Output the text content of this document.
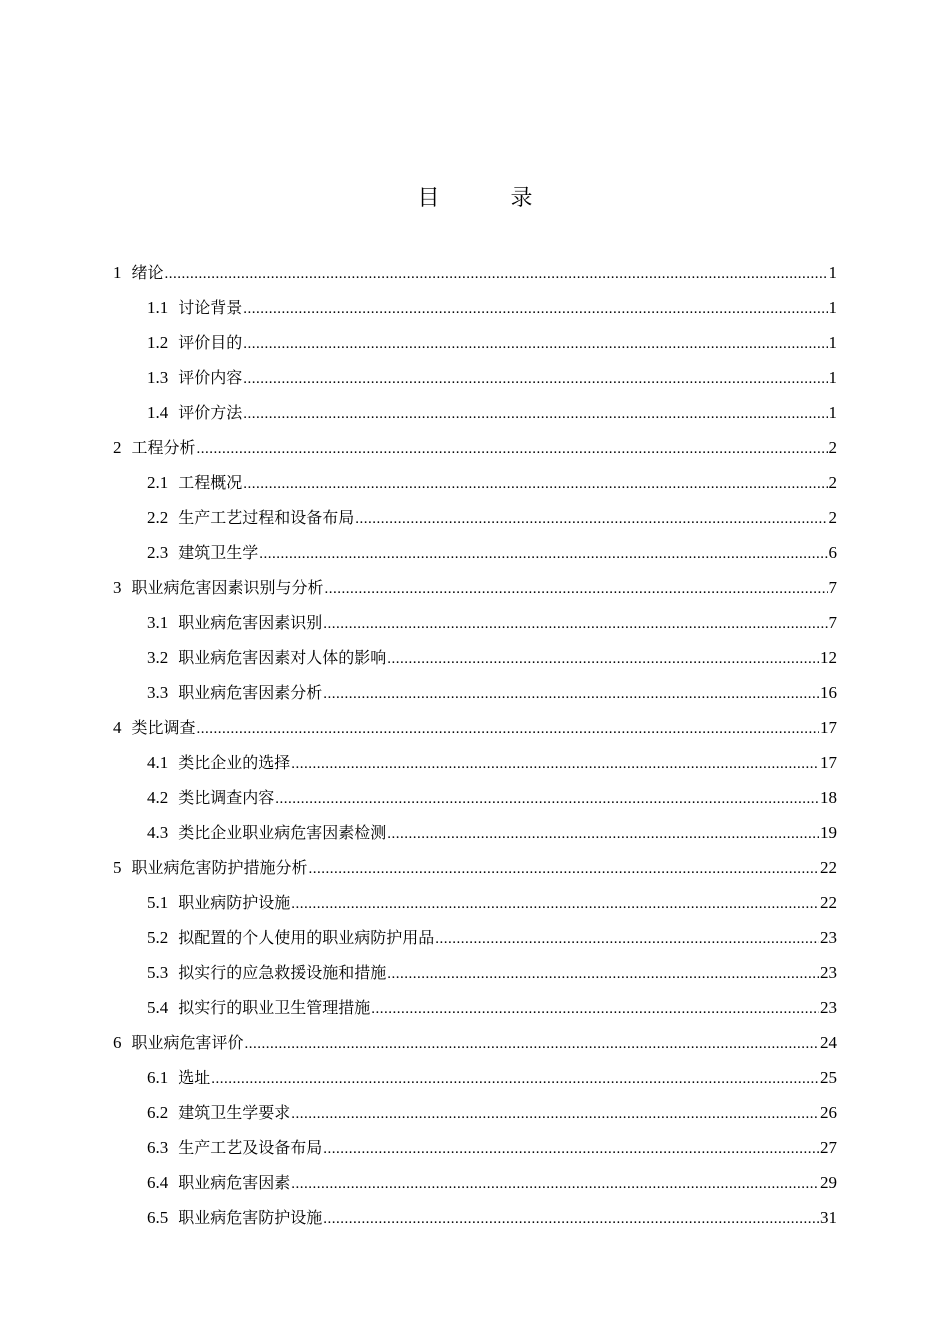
目 录
1 绪论 .....	1
1.1 讨论背景 .....	1
1.2 评价目的 .....	1
1.3 评价内容 .....	1
1.4 评价方法 .....	1
2 工程分析 .....	2
2.1 工程概况 .....	2
2.2 生产工艺过程和设备布局 .....	2
2.3 建筑卫生学 .....	6
3 职业病危害因素识别与分析 .....	7
3.1 职业病危害因素识别 .....	7
3.2 职业病危害因素对人体的影响 .....	12
3.3 职业病危害因素分析 .....	16
4 类比调查 .....	17
4.1 类比企业的选择 .....	17
4.2 类比调查内容 .....	18
4.3 类比企业职业病危害因素检测 .....	19
5 职业病危害防护措施分析 .....	22
5.1 职业病防护设施 .....	22
5.2 拟配置的个人使用的职业病防护用品 .....	23
5.3 拟实行的应急救援设施和措施 .....	23
5.4 拟实行的职业卫生管理措施 .....	23
6 职业病危害评价 .....	24
6.1 选址 .....	25
6.2 建筑卫生学要求 .....	26
6.3 生产工艺及设备布局 .....	27
6.4 职业病危害因素 .....	29
6.5 职业病危害防护设施 .....	31
